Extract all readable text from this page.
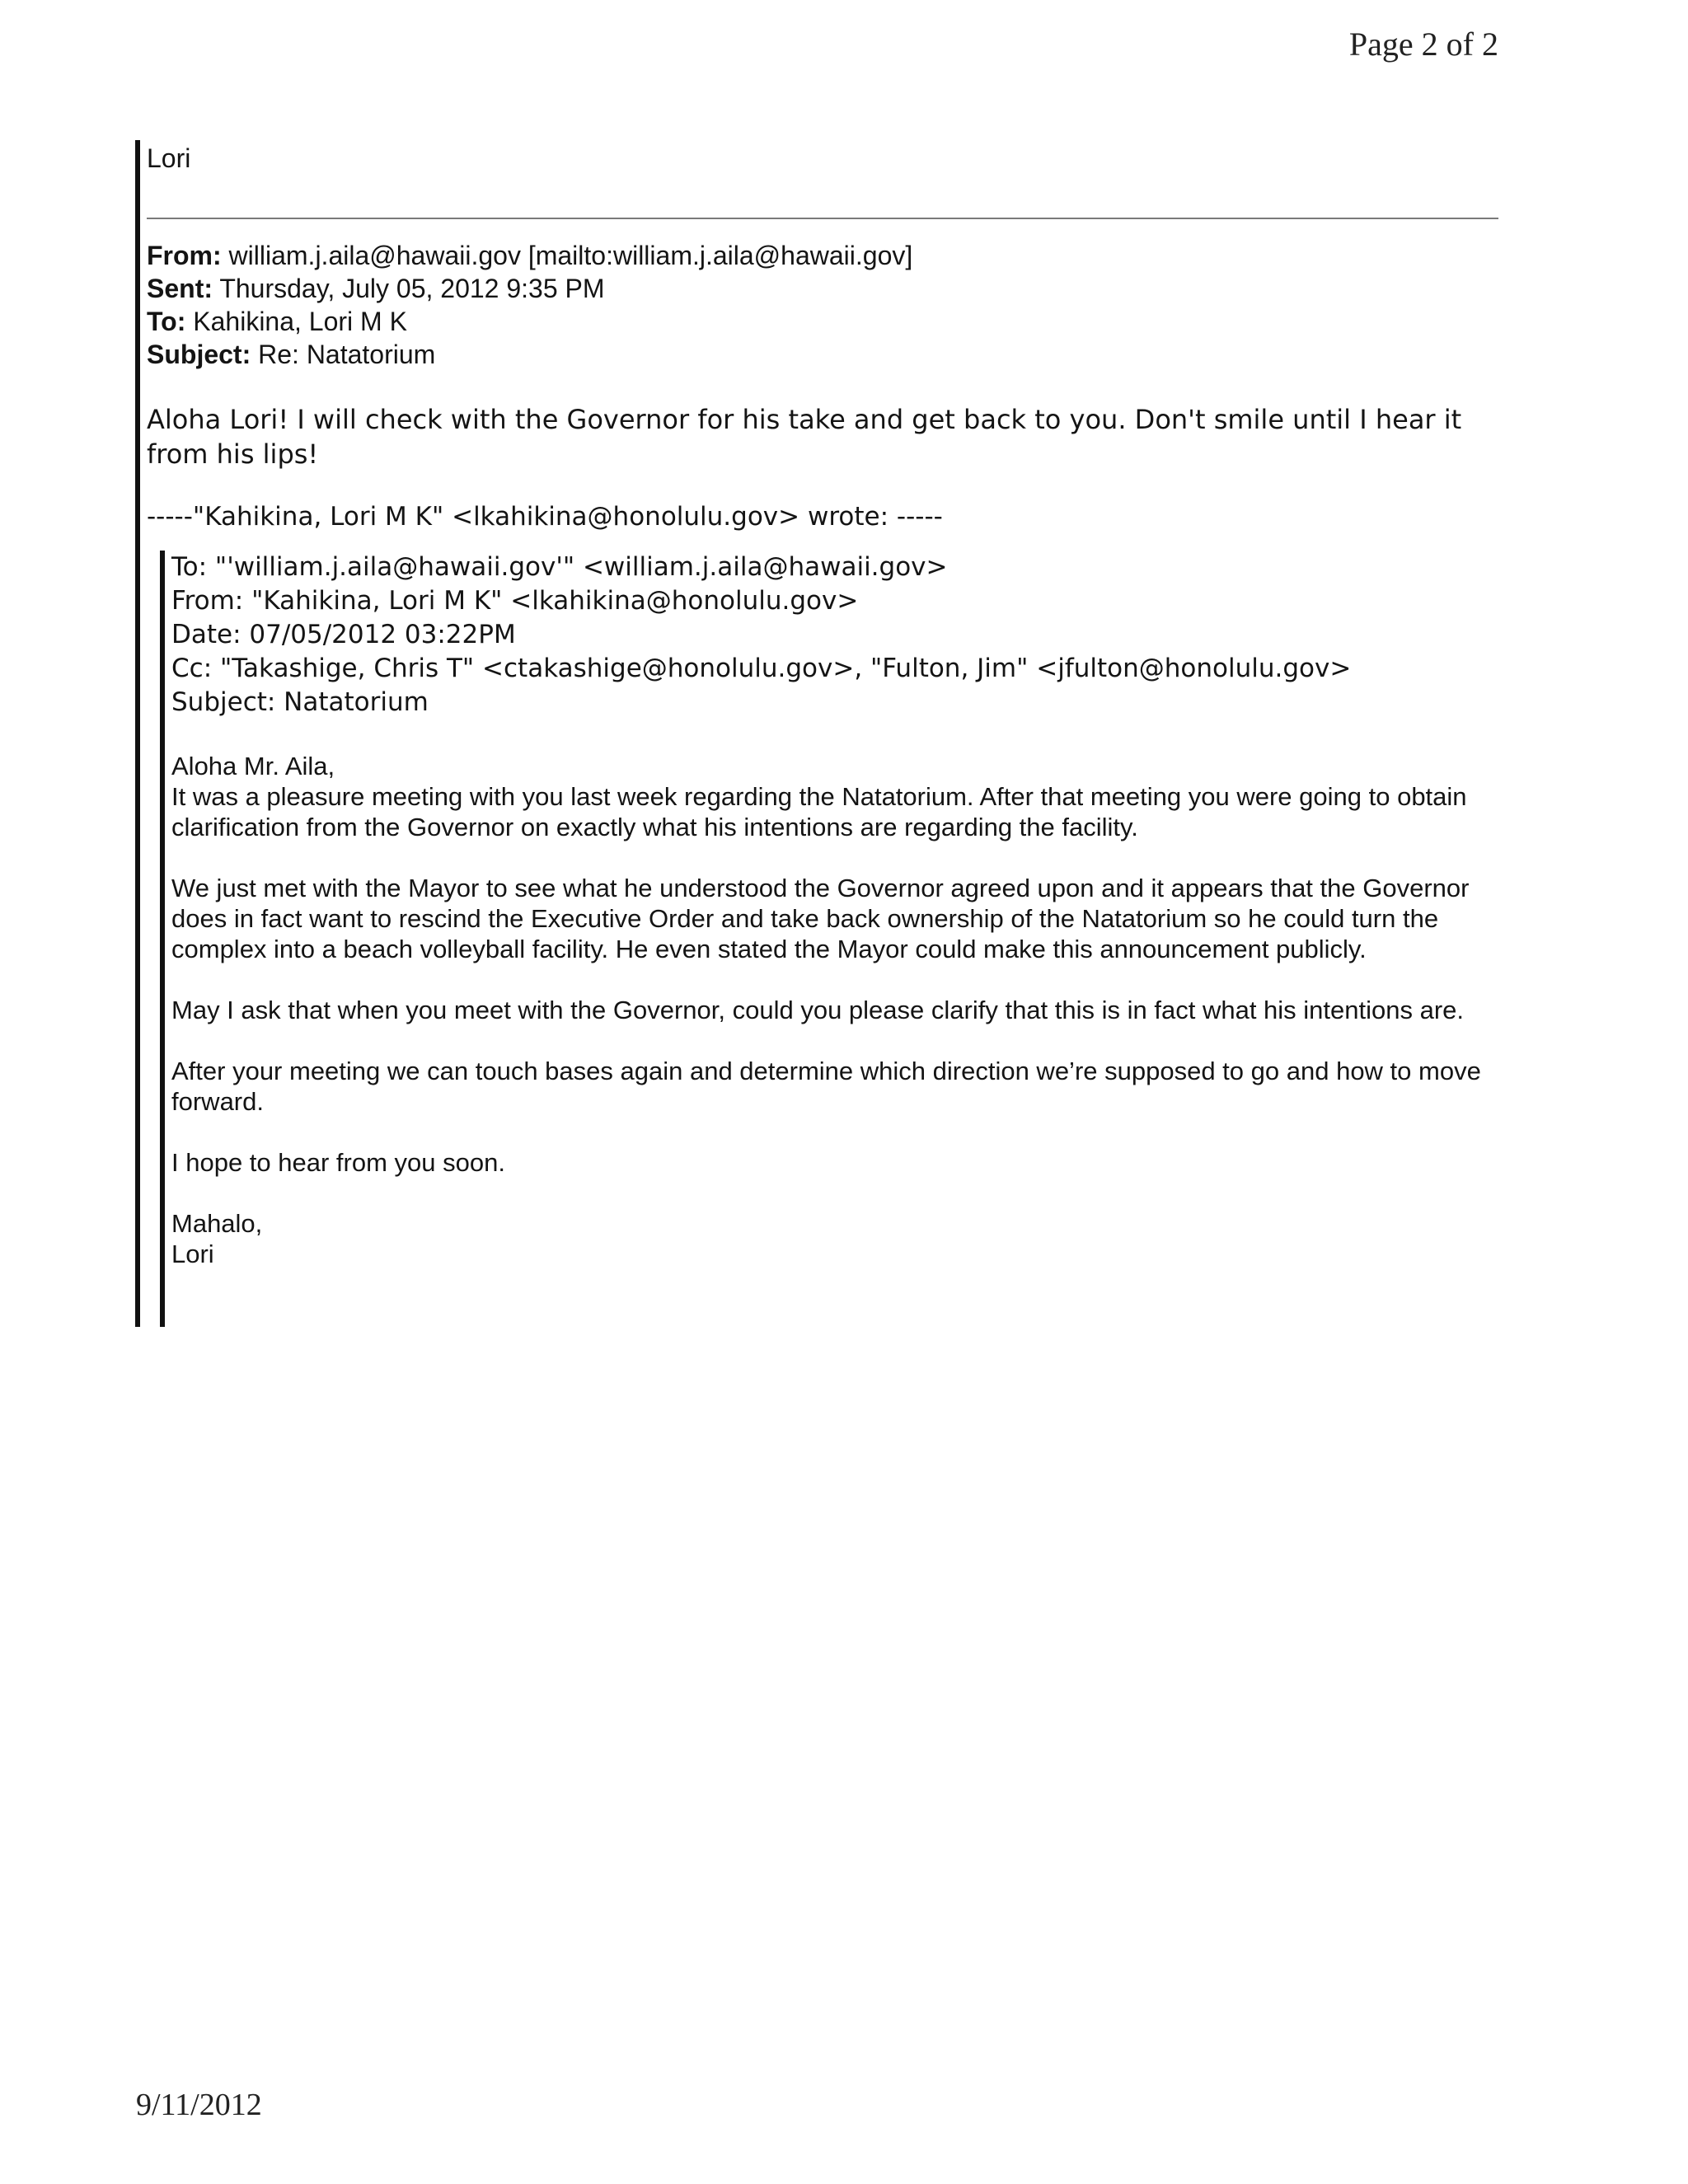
Page 2 of 2

Lori

From: william.j.aila@hawaii.gov [mailto:william.j.aila@hawaii.gov]
Sent: Thursday, July 05, 2012 9:35 PM
To: Kahikina, Lori M K
Subject: Re: Natatorium
Aloha Lori! I will check with the Governor for his take and get back to you. Don't smile until I hear it from his lips!
-----"Kahikina, Lori M K" <lkahikina@honolulu.gov> wrote: -----
To: "'william.j.aila@hawaii.gov'" <william.j.aila@hawaii.gov>
From: "Kahikina, Lori M K" <lkahikina@honolulu.gov>
Date: 07/05/2012 03:22PM
Cc: "Takashige, Chris T" <ctakashige@honolulu.gov>, "Fulton, Jim" <jfulton@honolulu.gov>
Subject: Natatorium

Aloha Mr. Aila,

It was a pleasure meeting with you last week regarding the Natatorium. After that meeting you were going to obtain clarification from the Governor on exactly what his intentions are regarding the facility.

We just met with the Mayor to see what he understood the Governor agreed upon and it appears that the Governor does in fact want to rescind the Executive Order and take back ownership of the Natatorium so he could turn the complex into a beach volleyball facility. He even stated the Mayor could make this announcement publicly.

May I ask that when you meet with the Governor, could you please clarify that this is in fact what his intentions are.

After your meeting we can touch bases again and determine which direction we’re supposed to go and how to move forward.

I hope to hear from you soon.

Mahalo,

Lori

9/11/2012
